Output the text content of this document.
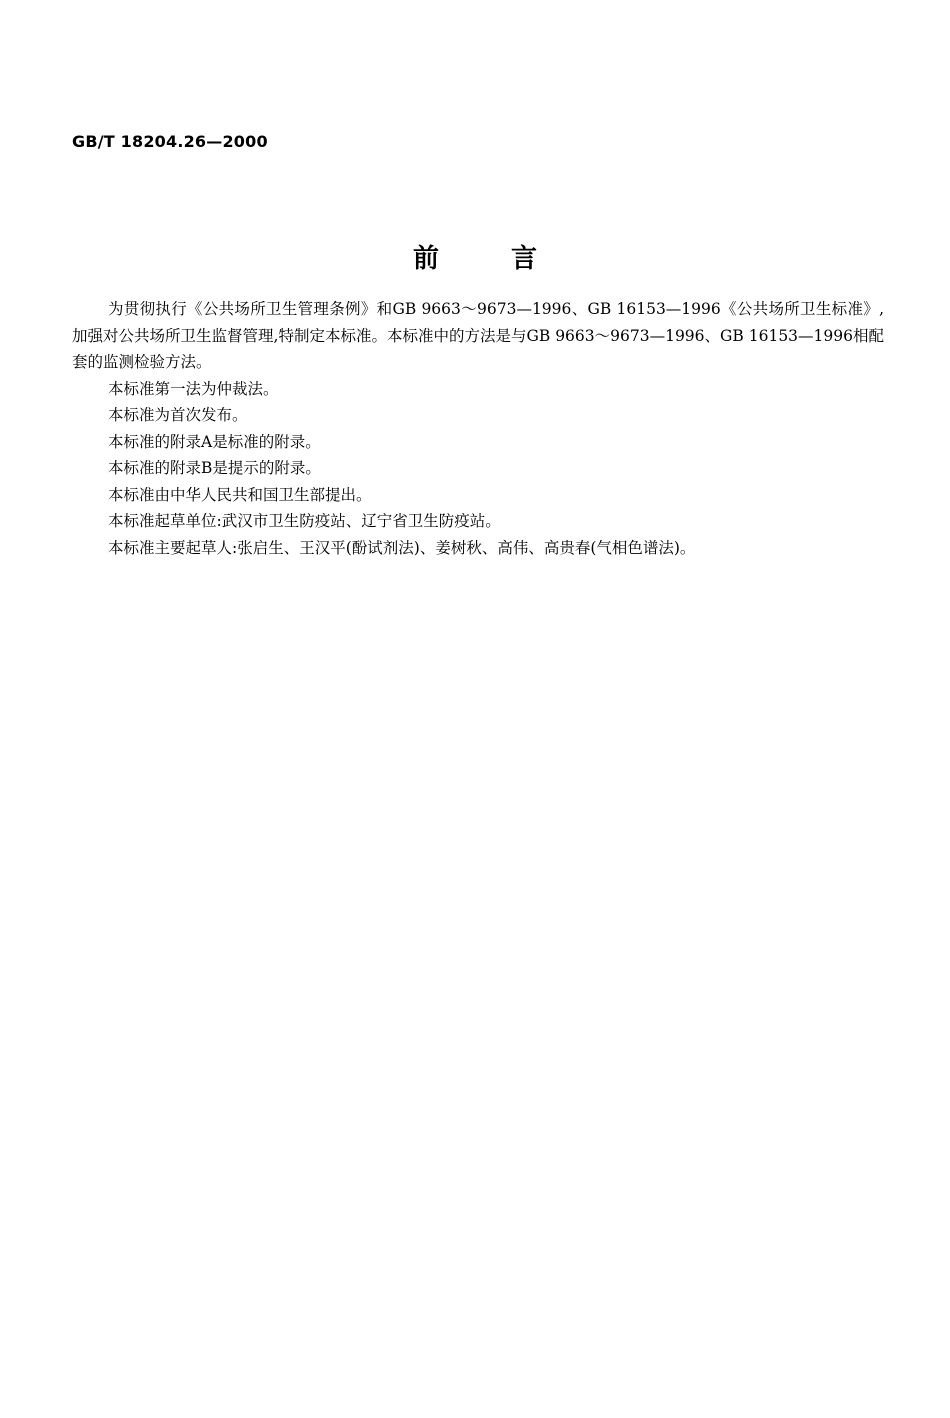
GB/T 18204.26—2000
前	言

为贯彻执行《公共场所卫生管理条例》和GB 9663～9673—1996、GB 16153—1996《公共场所卫生标准》,加强对公共场所卫生监督管理,特制定本标准。本标准中的方法是与GB 9663～9673—1996、GB 16153—1996相配套的监测检验方法。

本标准第一法为仲裁法。

本标准为首次发布。

本标准的附录A是标准的附录。

本标准的附录B是提示的附录。

本标准由中华人民共和国卫生部提出。

本标准起草单位:武汉市卫生防疫站、辽宁省卫生防疫站。

本标准主要起草人:张启生、王汉平(酚试剂法)、姜树秋、高伟、高贵春(气相色谱法)。
